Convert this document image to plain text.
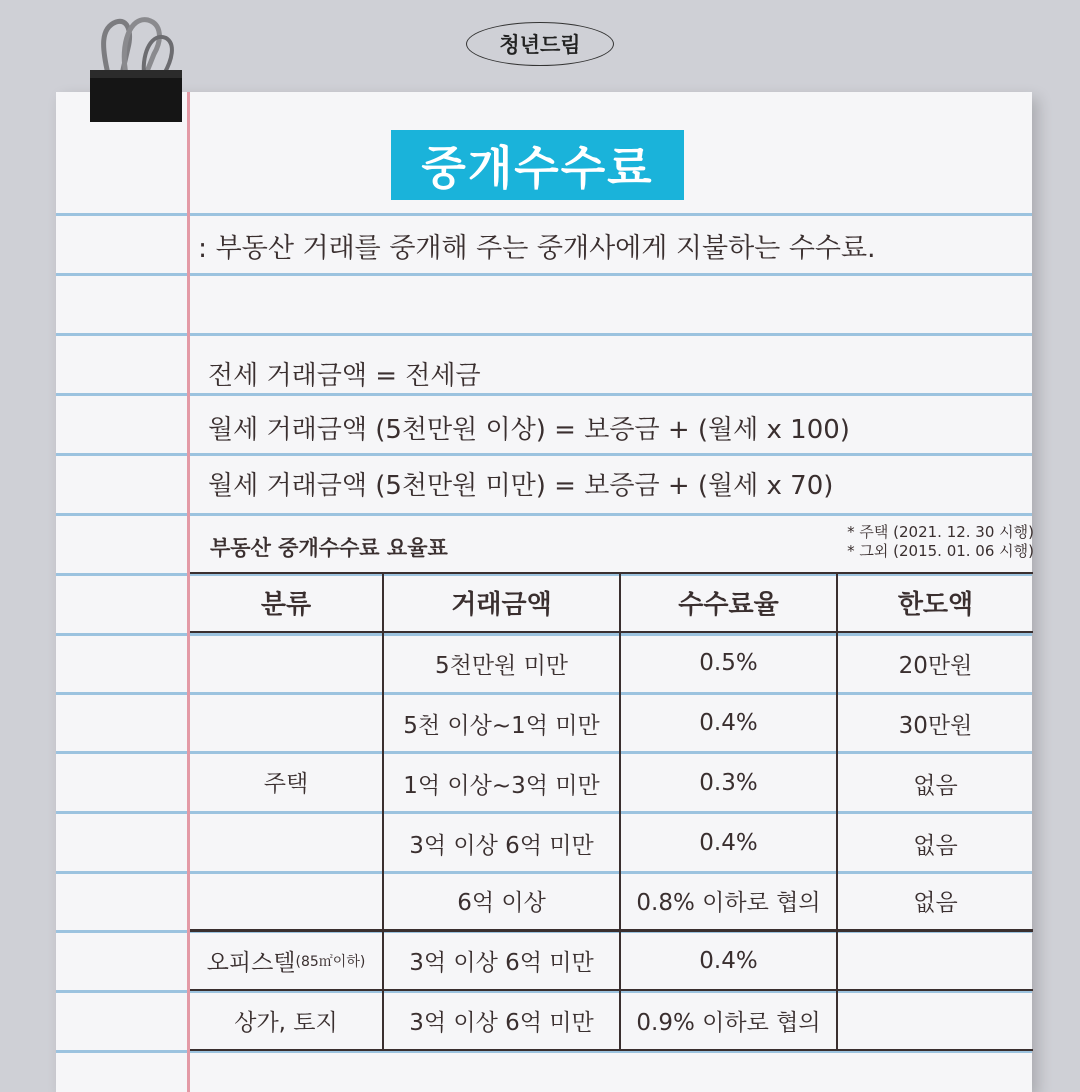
청년드림
중개수수료
: 부동산 거래를 중개해 주는 중개사에게 지불하는 수수료.
전세 거래금액 = 전세금
월세 거래금액 (5천만원 이상) = 보증금 + (월세 x 100)
월세 거래금액 (5천만원 미만) = 보증금 + (월세 x 70)
부동산 중개수수료 요율표
* 주택 (2021. 12. 30 시행)
* 그외 (2015. 01. 06 시행)
분류	거래금액	수수료율	한도액
주택
5천만원 미만	0.5%	20만원
5천 이상~1억 미만	0.4%	30만원
1억 이상~3억 미만	0.3%	없음
3억 이상 6억 미만	0.4%	없음
6억 이상	0.8% 이하로 협의	없음
오피스텔 (85㎡이하)	3억 이상 6억 미만	0.4%
상가, 토지	3억 이상 6억 미만	0.9% 이하로 협의
